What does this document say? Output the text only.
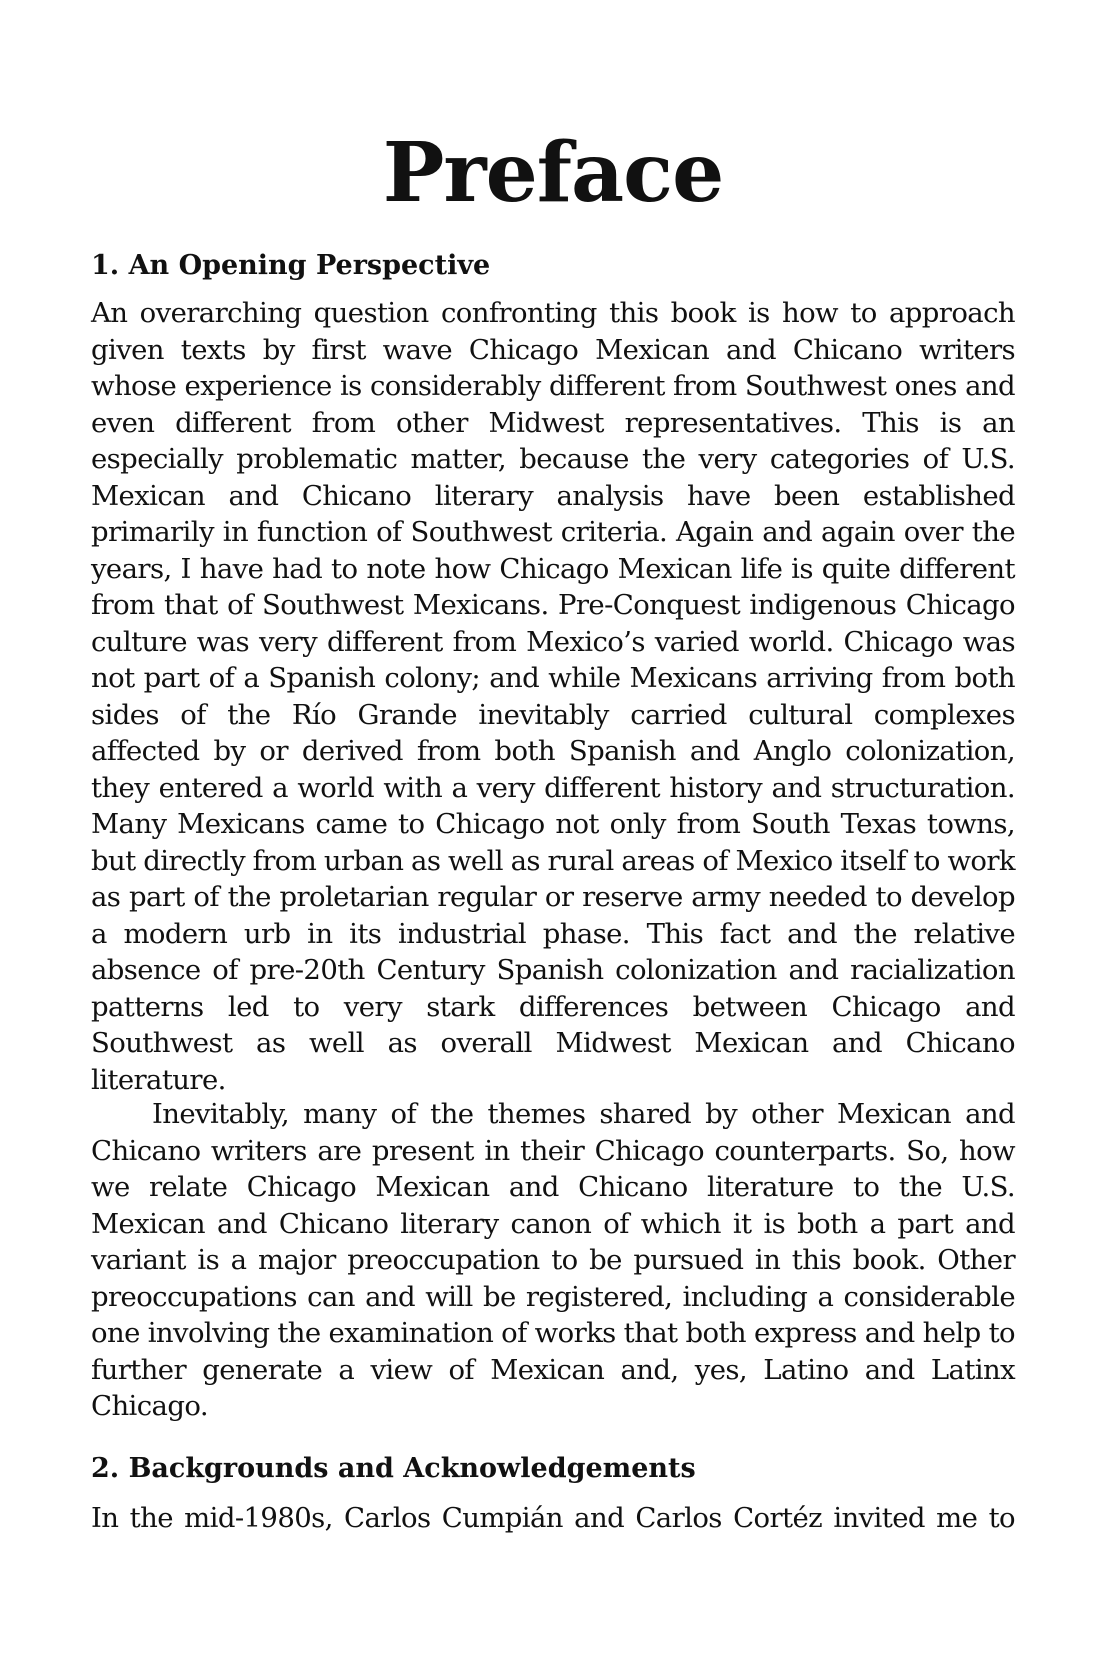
Preface
1. An Opening Perspective

An overarching question confronting this book is how to approach given texts by first wave Chicago Mexican and Chicano writers whose experience is considerably different from Southwest ones and even different from other Midwest representatives. This is an especially problematic matter, because the very categories of U.S. Mexican and Chicano literary analysis have been established primarily in function of Southwest criteria. Again and again over the years, I have had to note how Chicago Mexican life is quite different from that of Southwest Mexicans. Pre-Conquest indigenous Chicago culture was very different from Mexico’s varied world. Chicago was not part of a Spanish colony; and while Mexicans arriving from both sides of the Río Grande inevitably carried cultural complexes affected by or derived from both Spanish and Anglo colonization, they entered a world with a very different history and structuration. Many Mexicans came to Chicago not only from South Texas towns, but directly from urban as well as rural areas of Mexico itself to work as part of the proletarian regular or reserve army needed to develop a modern urb in its industrial phase. This fact and the relative absence of pre-20th Century Spanish colonization and racialization patterns led to very stark differences between Chicago and Southwest as well as overall Midwest Mexican and Chicano literature.

Inevitably, many of the themes shared by other Mexican and Chicano writers are present in their Chicago counterparts. So, how we relate Chicago Mexican and Chicano literature to the U.S. Mexican and Chicano literary canon of which it is both a part and variant is a major preoccupation to be pursued in this book. Other preoccupations can and will be registered, including a considerable one involving the examination of works that both express and help to further generate a view of Mexican and, yes, Latino and Latinx Chicago.

2. Backgrounds and Acknowledgements

In the mid-1980s, Carlos Cumpián and Carlos Cortéz invited me to
